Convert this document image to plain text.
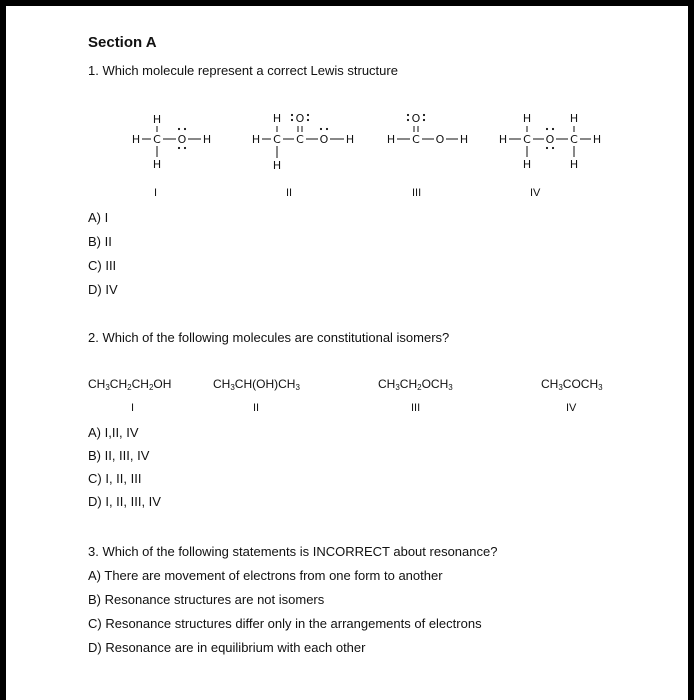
Section A
1. Which molecule represent a correct Lewis structure
H
H C O H
H
H O
H C C O H
H
O
H C O H
H	H
H C O C H
H	H
I	II	III	IV
A) I
B) II
C) III
D) IV
2. Which of the following molecules are constitutional isomers?
$CH_3CH_2CH_2OH$	$CH_3CH(OH)CH_3$	$CH_3CH_2OCH_3$	$CH_3COCH_3$
I	II	III	IV
A) I,II, IV
B) II, III, IV
C) I, II, III
D) I, II, III, IV
3. Which of the following statements is INCORRECT about resonance?
A) There are movement of electrons from one form to another
B) Resonance structures are not isomers
C) Resonance structures differ only in the arrangements of electrons
D) Resonance are in equilibrium with each other
